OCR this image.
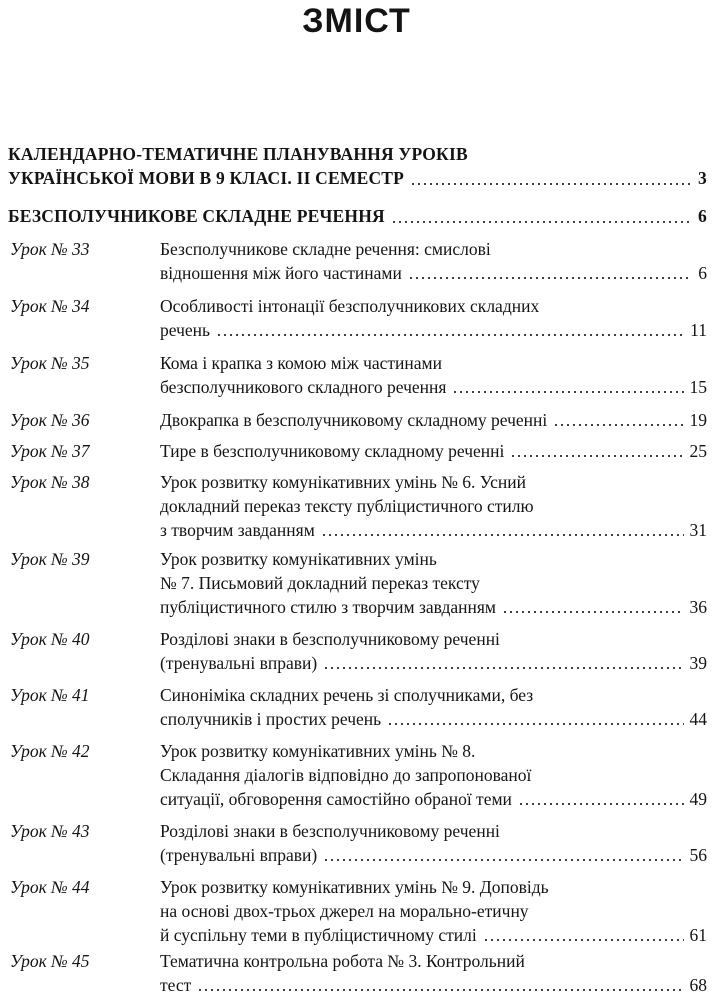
ЗМІСТ
КАЛЕНДАРНО-ТЕМАТИЧНЕ ПЛАНУВАННЯ УРОКІВ
УКРАЇНСЬКОЇ МОВИ В 9 КЛАСІ. II СЕМЕСТР	3
БЕЗСПОЛУЧНИКОВЕ СКЛАДНЕ РЕЧЕННЯ	6
Урок № 33	Безсполучникове складне речення: смислові
відношення між його частинами	6
Урок № 34	Особливості інтонації безсполучникових складних
речень	11
Урок № 35	Кома і крапка з комою між частинами
безсполучникового складного речення	15
Урок № 36	Двокрапка в безсполучниковому складному реченні	19
Урок № 37	Тире в безсполучниковому складному реченні	25
Урок № 38	Урок розвитку комунікативних умінь № 6. Усний
докладний переказ тексту публіцистичного стилю
з творчим завданням	31
Урок № 39	Урок розвитку комунікативних умінь
№ 7. Письмовий докладний переказ тексту
публіцистичного стилю з творчим завданням	36
Урок № 40	Розділові знаки в безсполучниковому реченні
(тренувальні вправи)	39
Урок № 41	Синоніміка складних речень зі сполучниками, без
сполучників і простих речень	44
Урок № 42	Урок розвитку комунікативних умінь № 8.
Складання діалогів відповідно до запропонованої
ситуації, обговорення самостійно обраної теми	49
Урок № 43	Розділові знаки в безсполучниковому реченні
(тренувальні вправи)	56
Урок № 44	Урок розвитку комунікативних умінь № 9. Доповідь
на основі двох-трьох джерел на морально-етичну
й суспільну теми в публіцистичному стилі	61
Урок № 45	Тематична контрольна робота № 3. Контрольний
тест	68
